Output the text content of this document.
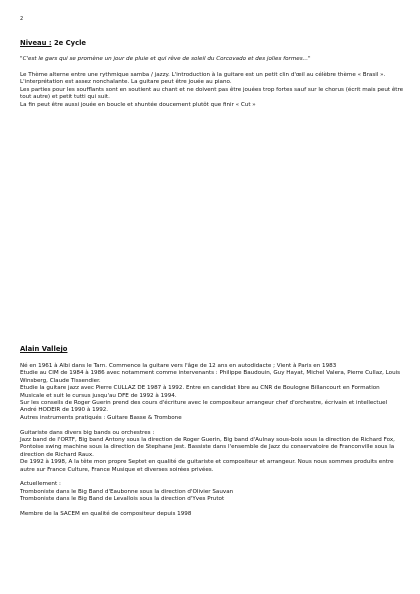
2
Niveau : 2e Cycle
"C'est le gars qui se promène un jour de pluie et qui rêve de soleil du Corcovado et des jolies formes..."

Le Thème alterne entre une rythmique samba / jazzy. L'introduction à la guitare est un petit clin d'œil au célèbre thème « Brasil ». L'interprétation est assez nonchalante. La guitare peut être jouée au piano.

Les parties pour les soufflants sont en soutient au chant et ne doivent pas être jouées trop fortes sauf sur le chorus (écrit mais peut être tout autre) et petit tutti qui suit.

La fin peut être aussi jouée en boucle et shuntée doucement plutôt que finir « Cut »

Alain Vallejo

Né en 1961 à Albi dans le Tarn. Commence la guitare vers l'âge de 12 ans en autodidacte ; Vient à Paris en 1983

Etudie au CIM de 1984 à 1986 avec notamment comme intervenants : Philippe Baudouin, Guy Hayat, Michel Valera, Pierre Cullaz, Louis Winsberg, Claude Tissendier.

Etudie la guitare jazz avec Pierre CULLAZ DE 1987 à 1992. Entre en candidat libre au CNR de Boulogne Billancourt en Formation Musicale et suit le cursus jusqu'au DFE de 1992 à 1994.

Sur les conseils de Roger Guerin prend des cours d'écriture avec le compositeur arrangeur chef d'orchestre, écrivain et intellectuel André HODEIR de 1990 à 1992.

Autres instruments pratiqués : Guitare Basse & Trombone

Guitariste dans divers big bands ou orchestres :

Jazz band de l'ORTF, Big band Antony sous la direction de Roger Guerin, Big band d'Aulnay sous-bois sous la direction de Richard Fox, Pontoise swing machine sous la direction de Stephane Jest. Bassiste dans l'ensemble de Jazz du conservatoire de Franconville sous la direction de Richard Raux.

De 1992 à 1998, A la tête mon propre Septet en qualité de guitariste et compositeur et arrangeur. Nous nous sommes produits entre autre sur France Culture, France Musique et diverses soirées privées.

Actuellement :

Tromboniste dans le Big Band d'Eaubonne sous la direction d'Olivier Sauvan

Tromboniste dans le Big Band de Levallois sous la direction d'Yves Prutot

Membre de la SACEM en qualité de compositeur depuis 1998
